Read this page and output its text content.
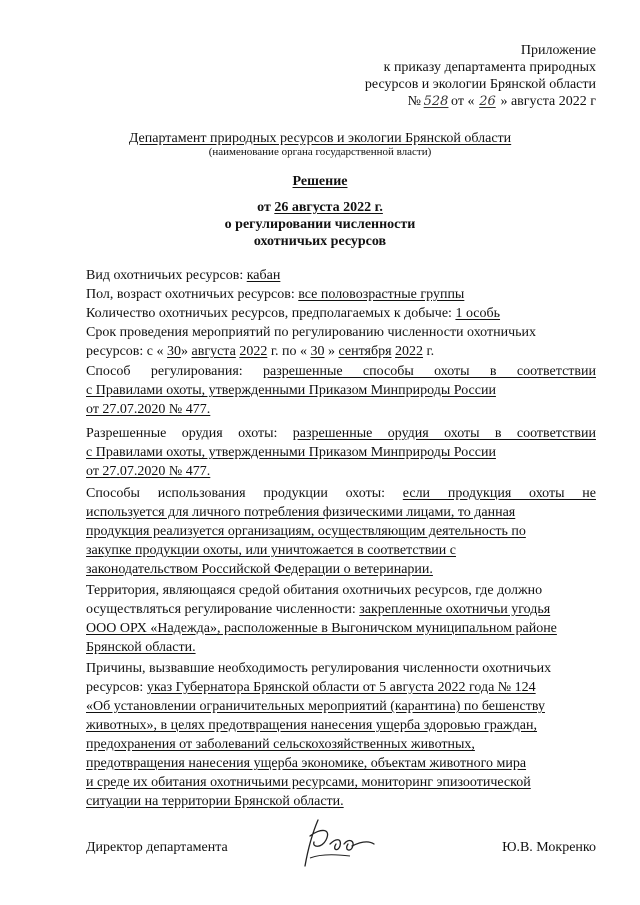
Приложение
к приказу департамента природных
ресурсов и экологии Брянской области
№ 528 от « 26 » августа 2022 г
Департамент природных ресурсов и экологии Брянской области
(наименование органа государственной власти)
Решение
от 26 августа 2022 г.
о регулировании численности
охотничьих ресурсов
Вид охотничьих ресурсов: кабан
Пол, возраст охотничьих ресурсов: все половозрастные группы
Количество охотничьих ресурсов, предполагаемых к добыче: 1 особь
Срок проведения мероприятий по регулированию численности охотничьих
ресурсов: с « 30» августа 2022 г. по « 30 » сентября 2022 г.
Способ регулирования: разрешенные способы охоты в соответствии
с Правилами охоты, утвержденными Приказом Минприроды России
от 27.07.2020 № 477.
Разрешенные орудия охоты: разрешенные орудия охоты в соответствии
с Правилами охоты, утвержденными Приказом Минприроды России
от 27.07.2020 № 477.
Способы использования продукции охоты: если продукция охоты не
используется для личного потребления физическими лицами, то данная
продукция реализуется организациям, осуществляющим деятельность по
закупке продукции охоты, или уничтожается в соответствии с
законодательством Российской Федерации о ветеринарии.
Территория, являющаяся средой обитания охотничьих ресурсов, где должно
осуществляться регулирование численности: закрепленные охотничьи угодья
ООО ОРХ «Надежда», расположенные в Выгоничском муниципальном районе
Брянской области.
Причины, вызвавшие необходимость регулирования численности охотничьих
ресурсов: указ Губернатора Брянской области от 5 августа 2022 года № 124
«Об установлении ограничительных мероприятий (карантина) по бешенству
животных», в целях предотвращения нанесения ущерба здоровью граждан,
предохранения от заболеваний сельскохозяйственных животных,
предотвращения нанесения ущерба экономике, объектам животного мира
и среде их обитания охотничьими ресурсами, мониторинг эпизоотической
ситуации на территории Брянской области.
Директор департамента	Ю.В. Мокренко
